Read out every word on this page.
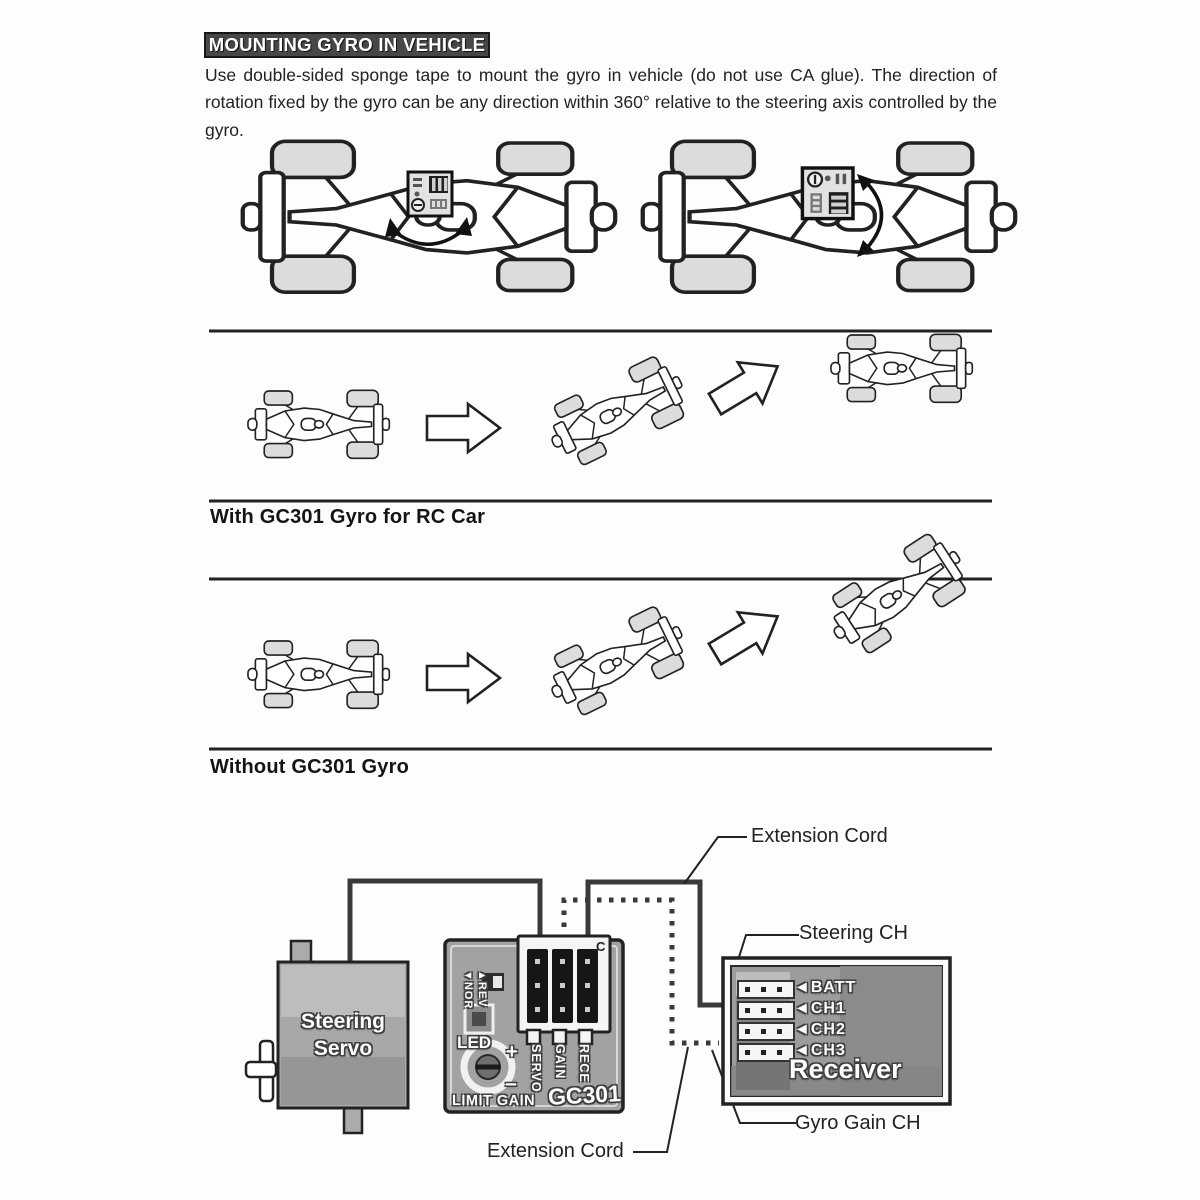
MOUNTING GYRO IN VEHICLE
Use double-sided sponge tape to mount the gyro in vehicle (do not use CA glue). The direction of rotation fixed by the gyro can be any direction within 360° relative to the steering axis controlled by the gyro.
With GC301 Gyro for RC Car
Without GC301 Gyro
Extension Cord
Steering CH
Gyro Gain CH
Extension Cord
Steering Servo
▲REV
▼NOR
LED +
−
LIMIT GAIN
SERVO GAIN RECE
GC301
C
◄BATT
◄CH1
◄CH2
◄CH3
Receiver
